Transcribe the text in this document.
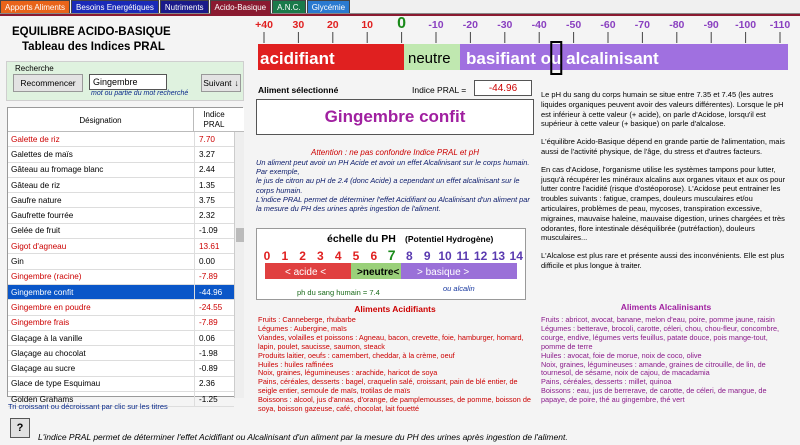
Apports Aliments	Besoins Energétiques	Nutriments	Acido-Basique	A.N.C.	Glycémie
EQUILIBRE ACIDO-BASIQUE
Tableau des Indices PRAL
Recherche
Recommencer
Gingembre	Suivant ↓
mot ou partie du mot recherché
Désignation
Indice PRAL
Galette de riz	7.70
Galettes de maïs	3.27
Gâteau au fromage blanc	2.44
Gâteau de riz	1.35
Gaufre nature	3.75
Gaufrette fourrée	2.32
Gelée de fruit	-1.09
Gigot d'agneau	13.61
Gin	0.00
Gingembre (racine)	-7.89
Gingembre confit	-44.96
Gingembre en poudre	-24.55
Gingembre frais	-7.89
Glaçage à la vanille	0.06
Glaçage au chocolat	-1.98
Glaçage au sucre	-0.89
Glace de type Esquimau	2.36
Golden Grahams	-1.25
Tri croissant ou décroissant par clic sur les titres
?
L'indice PRAL permet de déterminer l'effet Acidifiant ou Alcalinisant d'un aliment par la mesure du PH des urines après ingestion de l'aliment.
+40 30 20 10 0 -10 -20 -30 -40 -50 -60 -70 -80 -90 -100 -110
acidifiant	neutre basifiant ou alcalinisant
Aliment sélectionné	Indice PRAL =	-44.96
Gingembre confit
Attention : ne pas confondre Indice PRAL et pH
Un aliment peut avoir un PH Acide et avoir un effet Alcalinisant sur le corps humain. Par exemple,
le jus de citron au pH de 2.4 (donc Acide) a cependant un effet alcalinisant sur le corps humain.
L'indice PRAL permet de déterminer l'effet Acidifiant ou Alcalinisant d'un aliment par la mesure du PH des urines après ingestion de l'aliment.
échelle du PH (Potentiel Hydrogène)
0 1 2 3 4 5 6 7 8 9 10 11 12 13 14
< acide <	>neutre< > basique >
ph du sang humain = 7.4	ou alcalin
Aliments Acidifiants
Fruits : Canneberge, rhubarbe
Légumes : Aubergine, maïs
Viandes, volailles et poissons : Agneau, bacon, crevette, foie, hamburger, homard, lapin, poulet, saucisse, saumon, steack
Produits laitier, oeufs : camembert, cheddar, à la crème, oeuf
Huiles : huiles raffinées
Noix, graines, légumineuses : arachide, haricot de soya
Pains, céréales, desserts : bagel, craquelin salé, croissant, pain de blé entier, de seigle entier, semoule de maïs, trotilas de maïs
Boissons : alcool, jus d'annas, d'orange, de pamplemousses, de pomme, boisson de soya, boisson gazeuse, café, chocolat, lait fouetté

Le pH du sang du corps humain se situe entre 7.35 et 7.45 (les autres liquides organiques peuvent avoir des valeurs différentes). Lorsque le pH est inférieur à cette valeur (+ acide), on parle d'Acidose, lorsqu'il est supérieur à cette valeur (+ basique) on parle d'alcalose.

L'équilibre Acido-Basique dépend en grande partie de l'alimentation, mais aussi de l'activité physique, de l'âge, du stress et d'autres facteurs.

En cas d'Acidose, l'organisme utilise les systèmes tampons pour lutter, jusqu'à récupérer les minéraux alcalins aux organes vitaux et aux os pour lutter contre l'acidité (risque d'ostéoporose). L'Acidose peut entrainer les troubles suivants : fatigue, crampes, douleurs musculaires et/ou articulaires, problèmes de peau, mycoses, transpiration excessive, migraines, mauvaise haleine, mauvaise digestion, urines chargées et très odorantes, flore intestinale déséquilibrée (putréfaction), douleurs musculaires...

L'Alcalose est plus rare et présente aussi des inconvénients. Elle est plus difficile et plus longue à traiter.

Aliments Alcalinisants
Fruits : abricot, avocat, banane, melon d'eau, poire, pomme jaune, raisin
Légumes : betterave, brocoli, carotte, céleri, chou, chou-fleur, concombre, courge, endive, légumes verts feuillus, patate douce, pois mange-tout, pomme de terre
Huiles : avocat, foie de morue, noix de coco, olive
Noix, graines, légumineuses : amande, graines de citrouille, de lin, de tournesol, de sésame, noix de cajou, de macadamia
Pains, céréales, desserts : millet, quinoa
Boissons : eau, jus de berrerave, de carotte, de céleri, de mangue, de papaye, de poire, thé au gingembre, thé vert
